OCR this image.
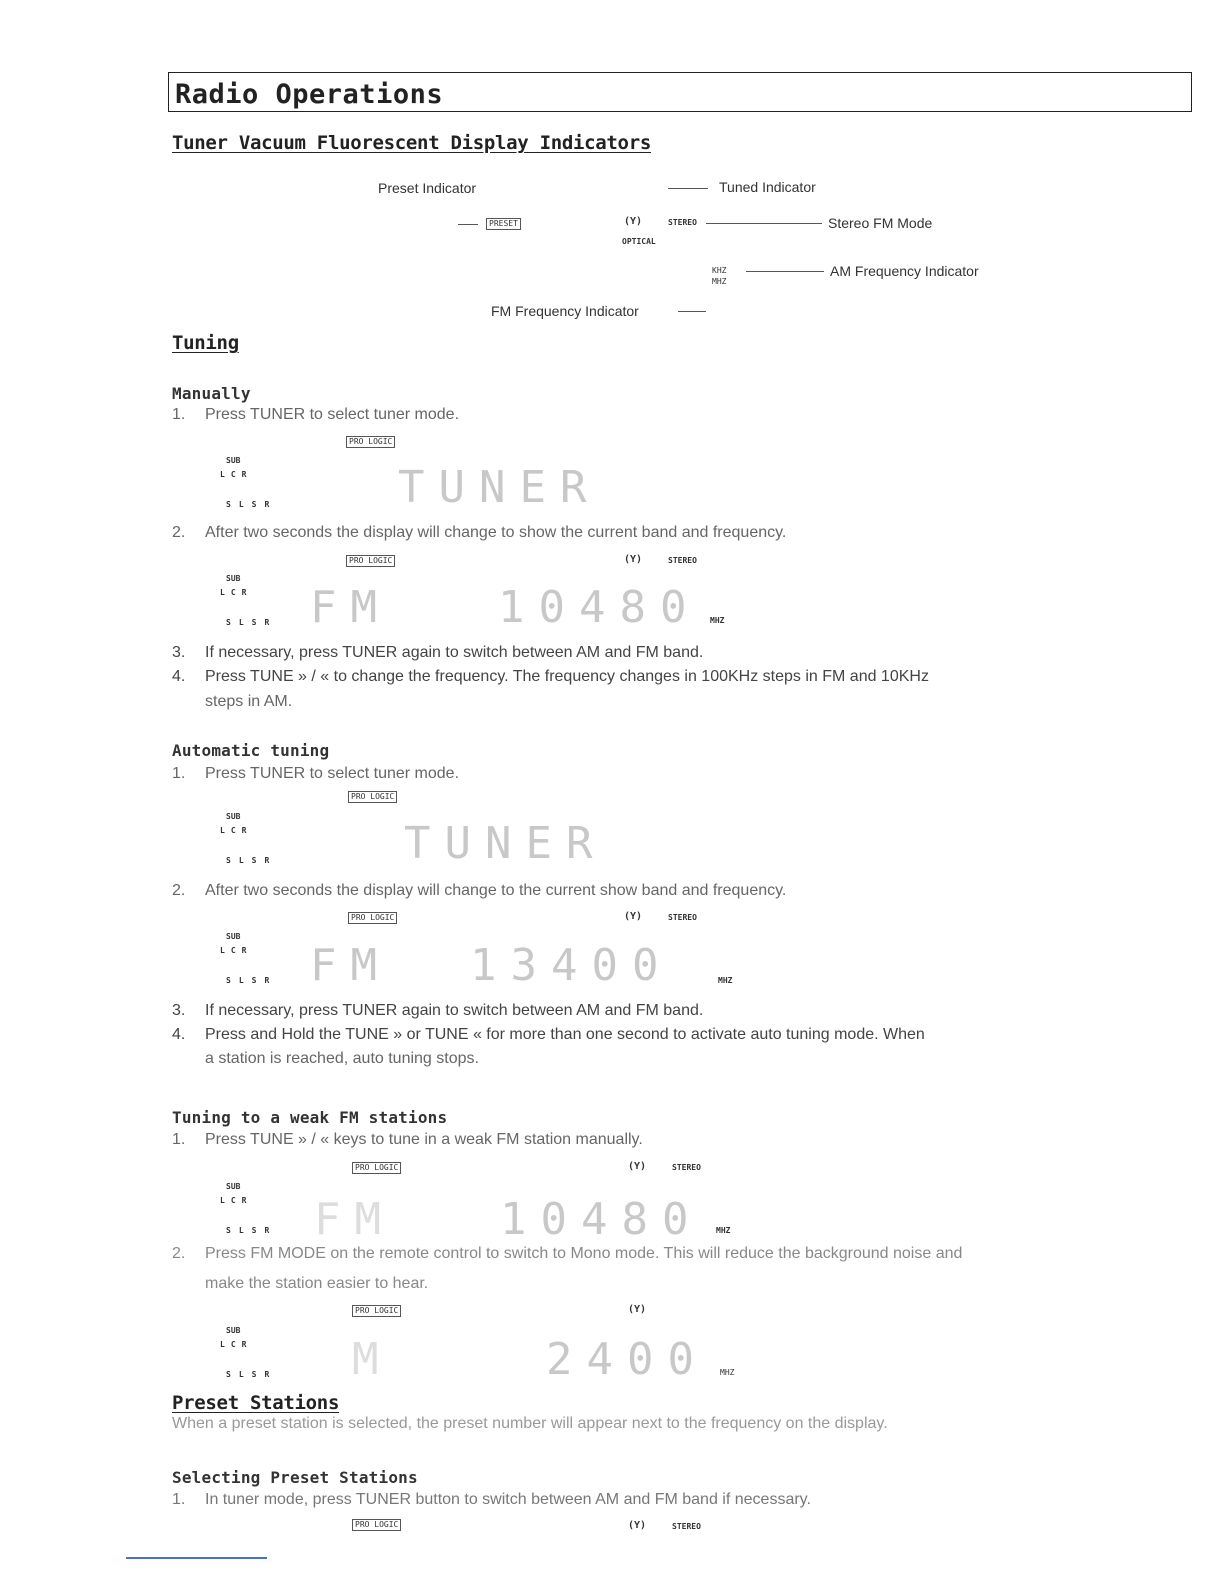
Radio Operations
Tuner Vacuum Fluorescent Display Indicators
Preset Indicator	Tuned Indicator
PRESET	(Y)	STEREO
OPTICAL
Stereo FM Mode
KHZ
MHZ
AM Frequency Indicator
FM Frequency Indicator
Tuning
Manually
1. Press TUNER to select tuner mode.
PRO LOGIC
SUB
LCR
SLSR	TUNER
2. After two seconds the display will change to show the current band and frequency.
PRO LOGIC	(Y)	STEREO
SUB
LCR
SLSR FM 10480 MHZ
3. If necessary, press TUNER again to switch between AM and FM band.
4. Press TUNE » / « to change the frequency. The frequency changes in 100KHz steps in FM and 10KHz
steps in AM.
Automatic tuning
1. Press TUNER to select tuner mode.
PRO LOGIC
SUB
LCR
SLSR	TUNER
2. After two seconds the display will change to the current show band and frequency.
PRO LOGIC	(Y)	STEREO
SUB
LCR
SLSR FM 13400	MHZ
3. If necessary, press TUNER again to switch between AM and FM band.
4. Press and Hold the TUNE » or TUNE « for more than one second to activate auto tuning mode. When
a station is reached, auto tuning stops.
Tuning to a weak FM stations
1. Press TUNE » / « keys to tune in a weak FM station manually.
PRO LOGIC	(Y)	STEREO
SUB
LCR
SLSR FM 10480 MHZ
2. Press FM MODE on the remote control to switch to Mono mode. This will reduce the background noise and
make the station easier to hear.
PRO LOGIC	(Y)
SUB
LCR
SLSR M	2400 MHZ
Preset Stations
When a preset station is selected, the preset number will appear next to the frequency on the display.
Selecting Preset Stations
1. In tuner mode, press TUNER button to switch between AM and FM band if necessary.
PRO LOGIC	(Y)	STEREO
